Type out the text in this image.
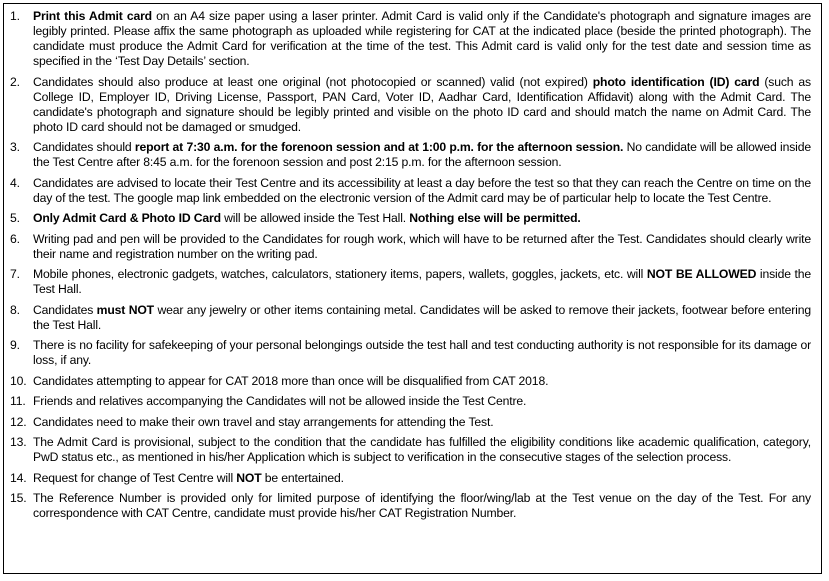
1. Print this Admit card on an A4 size paper using a laser printer. Admit Card is valid only if the Candidate's photograph and signature images are legibly printed. Please affix the same photograph as uploaded while registering for CAT at the indicated place (beside the printed photograph). The candidate must produce the Admit Card for verification at the time of the test. This Admit card is valid only for the test date and session time as specified in the ‘Test Day Details’ section.
2. Candidates should also produce at least one original (not photocopied or scanned) valid (not expired) photo identification (ID) card (such as College ID, Employer ID, Driving License, Passport, PAN Card, Voter ID, Aadhar Card, Identification Affidavit) along with the Admit Card. The candidate's photograph and signature should be legibly printed and visible on the photo ID card and should match the name on Admit Card. The photo ID card should not be damaged or smudged.
3. Candidates should report at 7:30 a.m. for the forenoon session and at 1:00 p.m. for the afternoon session. No candidate will be allowed inside the Test Centre after 8:45 a.m. for the forenoon session and post 2:15 p.m. for the afternoon session.
4. Candidates are advised to locate their Test Centre and its accessibility at least a day before the test so that they can reach the Centre on time on the day of the test. The google map link embedded on the electronic version of the Admit card may be of particular help to locate the Test Centre.
5. Only Admit Card & Photo ID Card will be allowed inside the Test Hall. Nothing else will be permitted.
6. Writing pad and pen will be provided to the Candidates for rough work, which will have to be returned after the Test. Candidates should clearly write their name and registration number on the writing pad.
7. Mobile phones, electronic gadgets, watches, calculators, stationery items, papers, wallets, goggles, jackets, etc. will NOT BE ALLOWED inside the Test Hall.
8. Candidates must NOT wear any jewelry or other items containing metal. Candidates will be asked to remove their jackets, footwear before entering the Test Hall.
9. There is no facility for safekeeping of your personal belongings outside the test hall and test conducting authority is not responsible for its damage or loss, if any.
10. Candidates attempting to appear for CAT 2018 more than once will be disqualified from CAT 2018.
11. Friends and relatives accompanying the Candidates will not be allowed inside the Test Centre.
12. Candidates need to make their own travel and stay arrangements for attending the Test.
13. The Admit Card is provisional, subject to the condition that the candidate has fulfilled the eligibility conditions like academic qualification, category, PwD status etc., as mentioned in his/her Application which is subject to verification in the consecutive stages of the selection process.
14. Request for change of Test Centre will NOT be entertained.
15. The Reference Number is provided only for limited purpose of identifying the floor/wing/lab at the Test venue on the day of the Test. For any correspondence with CAT Centre, candidate must provide his/her CAT Registration Number.
